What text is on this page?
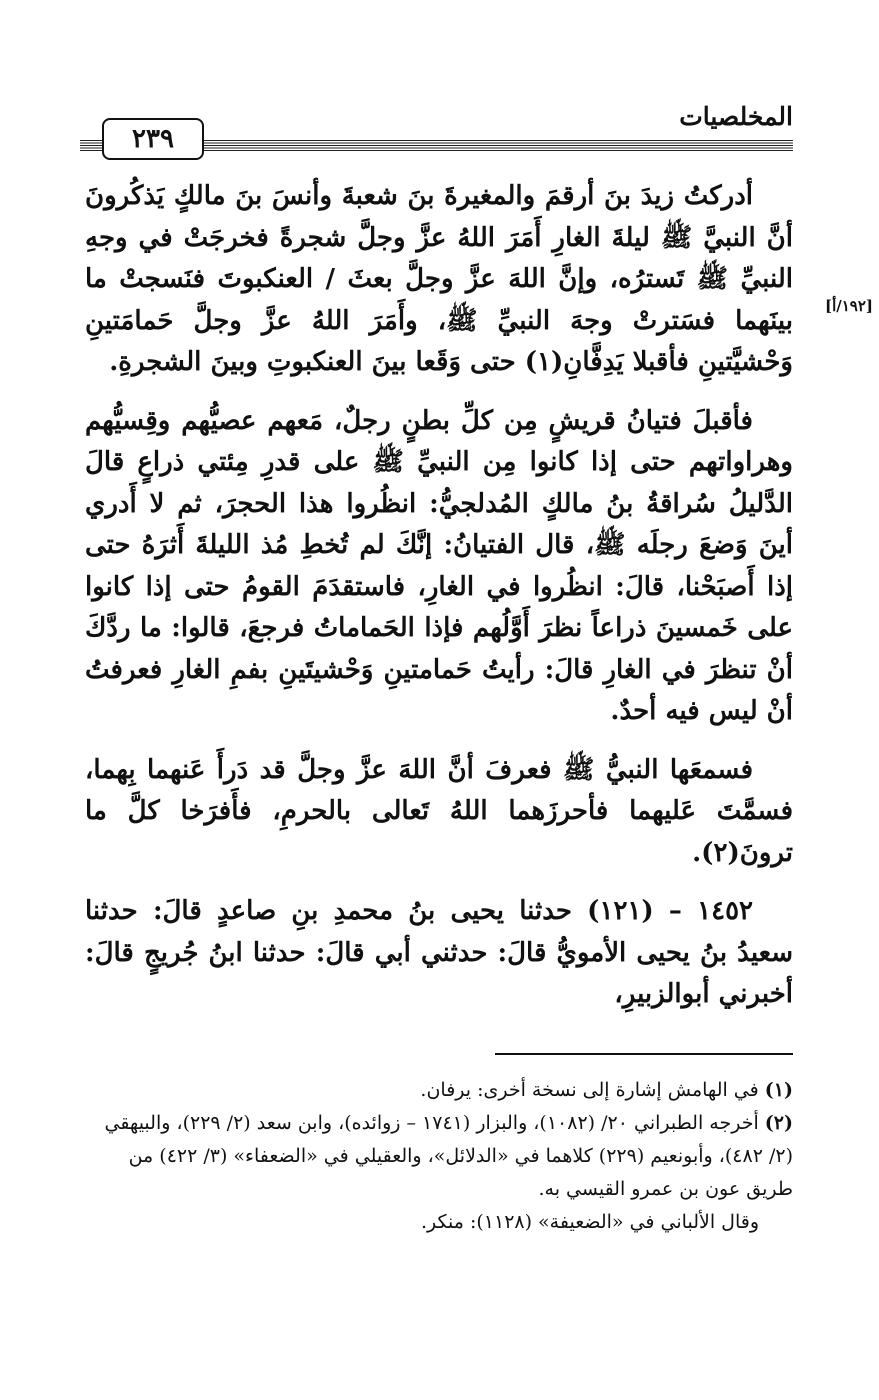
المخلصيات
٢٣٩
[١٩٢/أ]

أدركتُ زيدَ بنَ أرقمَ والمغيرةَ بنَ شعبةَ وأنسَ بنَ مالكٍ يَذكُرونَ أنَّ النبيَّ ﷺ ليلةَ الغارِ أَمَرَ اللهُ عزَّ وجلَّ شجرةً فخرجَتْ في وجهِ النبيِّ ﷺ تَسترُه، وإنَّ اللهَ عزَّ وجلَّ بعثَ / العنكبوتَ فنَسجتْ ما بينَهما فسَترتْ وجهَ النبيِّ ﷺ، وأَمَرَ اللهُ عزَّ وجلَّ حَمامَتينِ وَحْشيَّتينِ فأقبلا يَدِفَّانِ(١) حتى وَقَعا بينَ العنكبوتِ وبينَ الشجرةِ.

فأقبلَ فتيانُ قريشٍ مِن كلِّ بطنٍ رجلٌ، مَعهم عصيُّهم وقِسيُّهم وهراواتهم حتى إذا كانوا مِن النبيِّ ﷺ على قدرِ مِئتي ذراعٍ قالَ الدَّليلُ سُراقةُ بنُ مالكٍ المُدلجيُّ: انظُروا هذا الحجرَ، ثم لا أَدري أينَ وَضعَ رجلَه ﷺ، قال الفتيانُ: إنَّكَ لم تُخطِ مُذ الليلةَ أَثرَهُ حتى إذا أَصبَحْنا، قالَ: انظُروا في الغارِ، فاستقدَمَ القومُ حتى إذا كانوا على خَمسينَ ذراعاً نظرَ أَوَّلُهم فإذا الحَماماتُ فرجعَ، قالوا: ما ردَّكَ أنْ تنظرَ في الغارِ قالَ: رأيتُ حَمامتينِ وَحْشيتَينِ بفمِ الغارِ فعرفتُ أنْ ليس فيه أحدٌ.

فسمعَها النبيُّ ﷺ فعرفَ أنَّ اللهَ عزَّ وجلَّ قد دَرأَ عَنهما بِهما، فسمَّتَ عَليهما فأحرزَهما اللهُ تَعالى بالحرمِ، فأَفرَخا كلَّ ما ترونَ(٢).

١٤٥٢ – (١٢١) حدثنا يحيى بنُ محمدِ بنِ صاعدٍ قالَ: حدثنا سعيدُ بنُ يحيى الأمويُّ قالَ: حدثني أبي قالَ: حدثنا ابنُ جُريجٍ قالَ: أخبرني أبوالزبيرِ،

(١) في الهامش إشارة إلى نسخة أخرى: يرفان.

(٢) أخرجه الطبراني ٢٠/ (١٠٨٢)، والبزار (١٧٤١ – زوائده)، وابن سعد (٢/ ٢٢٩)، والبيهقي (٢/ ٤٨٢)، وأبونعيم (٢٢٩) كلاهما في «الدلائل»، والعقيلي في «الضعفاء» (٣/ ٤٢٢) من طريق عون بن عمرو القيسي به.

وقال الألباني في «الضعيفة» (١١٢٨): منكر.
